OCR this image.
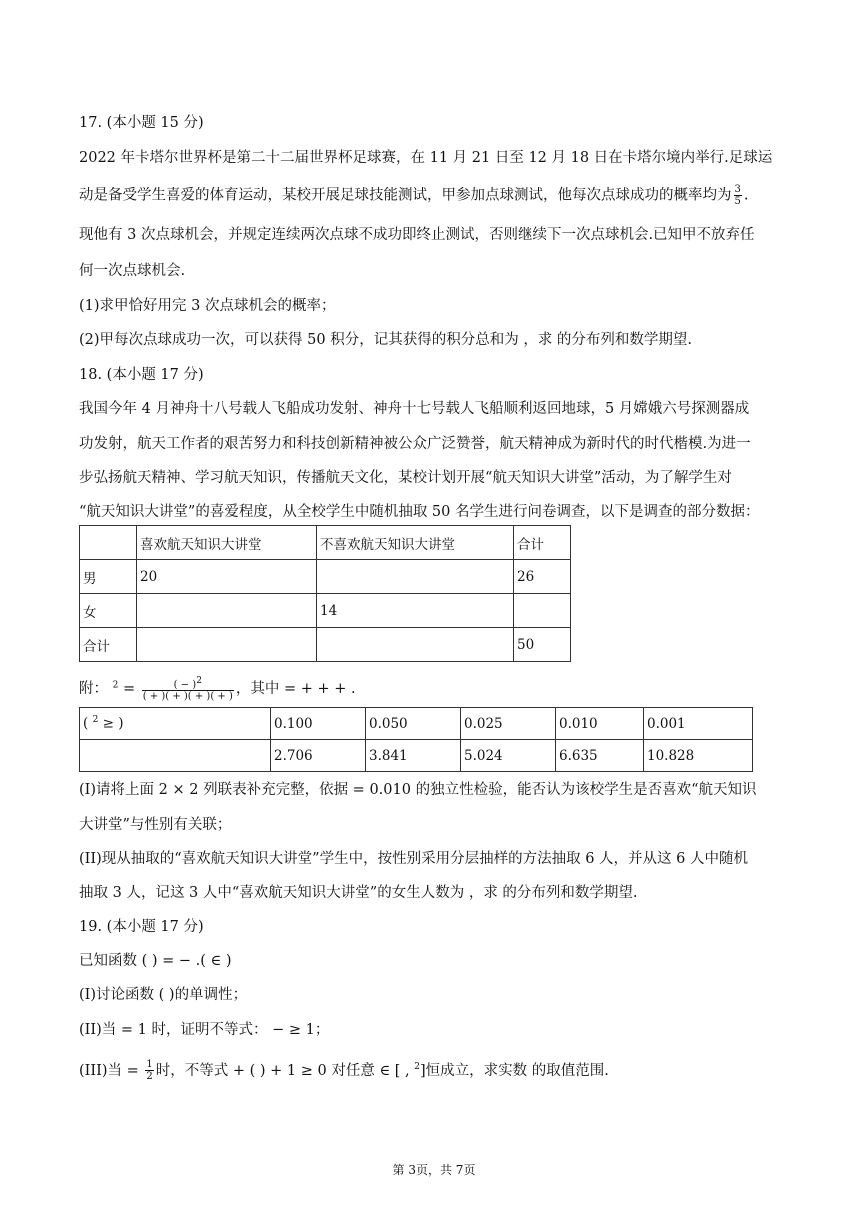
17. (本小题 15 分)
2022 年卡塔尔世界杯是第二十二届世界杯足球赛，在 11 月 21 日至 12 月 18 日在卡塔尔境内举行.足球运
动是备受学生喜爱的体育运动，某校开展足球技能测试，甲参加点球测试，他每次点球成功的概率均为 $\frac{3}{5}$ .
现他有 3 次点球机会，并规定连续两次点球不成功即终止测试，否则继续下一次点球机会.已知甲不放弃任
何一次点球机会.
(1)求甲恰好用完 3 次点球机会的概率；
(2)甲每次点球成功一次，可以获得 50 积分，记其获得的积分总和为 ，求 的分布列和数学期望.
18. (本小题 17 分)
我国今年 4 月神舟十八号载人飞船成功发射、神舟十七号载人飞船顺利返回地球，5 月嫦娥六号探测器成
功发射，航天工作者的艰苦努力和科技创新精神被公众广泛赞誉，航天精神成为新时代的时代楷模.为进一
步弘扬航天精神、学习航天知识，传播航天文化，某校计划开展“航天知识大讲堂”活动，为了解学生对
“航天知识大讲堂”的喜爱程度，从全校学生中随机抽取 50 名学生进行问卷调查，以下是调查的部分数据：
	喜欢航天知识大讲堂	不喜欢航天知识大讲堂	合计
男	20		26
女		14	
合计			50
附： $^2 = \frac{( - )2}{( + )( + )( + )( + )}$ ，其中 = + + + .
( $^2$ ≥ )	0.100	0.050	0.025	0.010	0.001
	2.706	3.841	5.024	6.635	10.828
(I)请将上面 2 × 2 列联表补充完整，依据 = 0.010 的独立性检验，能否认为该校学生是否喜欢“航天知识
大讲堂”与性别有关联；
(II)现从抽取的“喜欢航天知识大讲堂”学生中，按性别采用分层抽样的方法抽取 6 人，并从这 6 人中随机
抽取 3 人，记这 3 人中“喜欢航天知识大讲堂”的女生人数为 ，求 的分布列和数学期望.
19. (本小题 17 分)
已知函数 ( ) = − .( ∈ )
(I)讨论函数 ( )的单调性；
(II)当 = 1 时，证明不等式： − ≥ 1；
(III)当 = $\frac{1}{2}$ 时，不等式 + ( ) + 1 ≥ 0 对任意 ∈ [ , $^2$]恒成立，求实数 的取值范围.
第 3页，共 7页
